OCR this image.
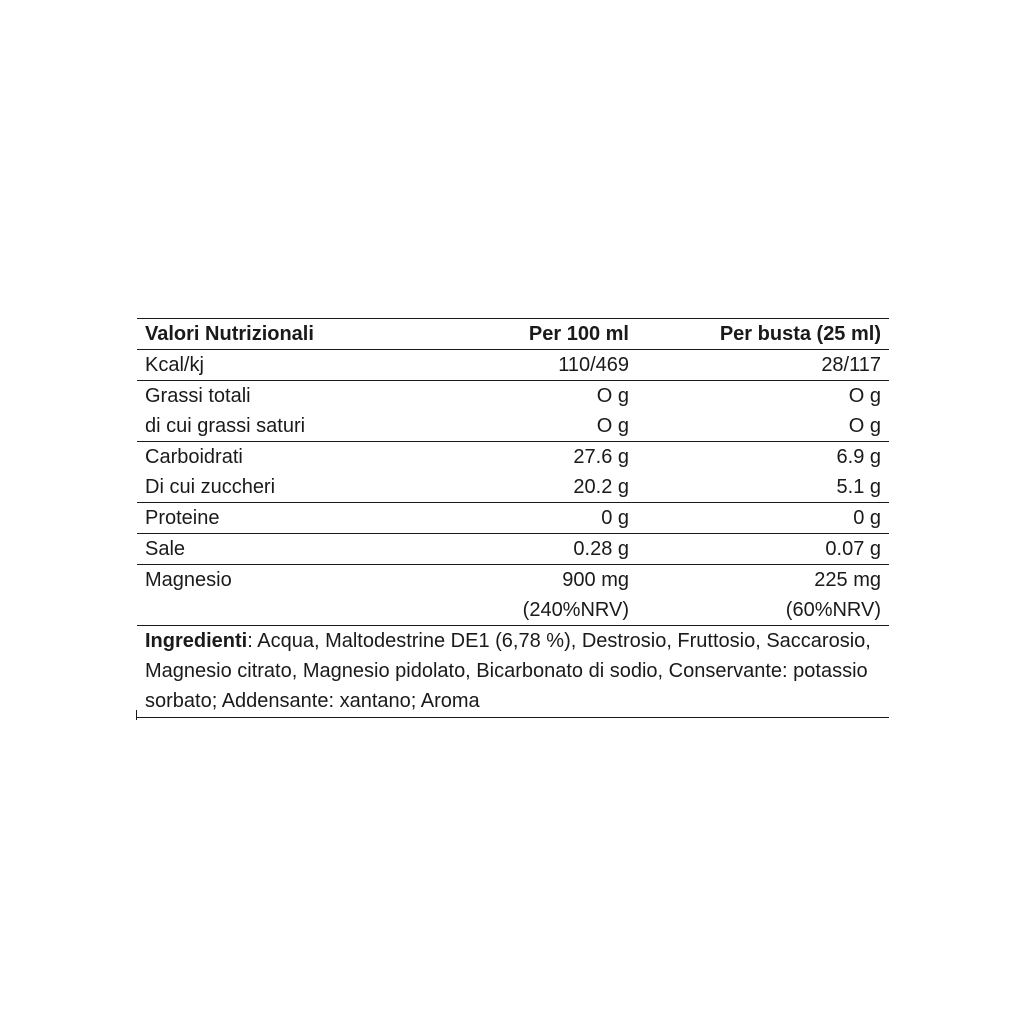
Valori Nutrizionali	Per 100 ml	Per busta (25 ml)
Kcal/kj	110/469	28/117
Grassi totali	O g	O g
di cui grassi saturi	O g	O g
Carboidrati	27.6 g	6.9 g
Di cui zuccheri	20.2 g	5.1 g
Proteine	0 g	0 g
Sale	0.28 g	0.07 g
Magnesio	900 mg	225 mg
	(240%NRV)	(60%NRV)
Ingredienti: Acqua, Maltodestrine DE1 (6,78 %), Destrosio, Fruttosio, Saccarosio, Magnesio citrato, Magnesio pidolato, Bicarbonato di sodio, Conservante: potassio sorbato; Addensante: xantano; Aroma
